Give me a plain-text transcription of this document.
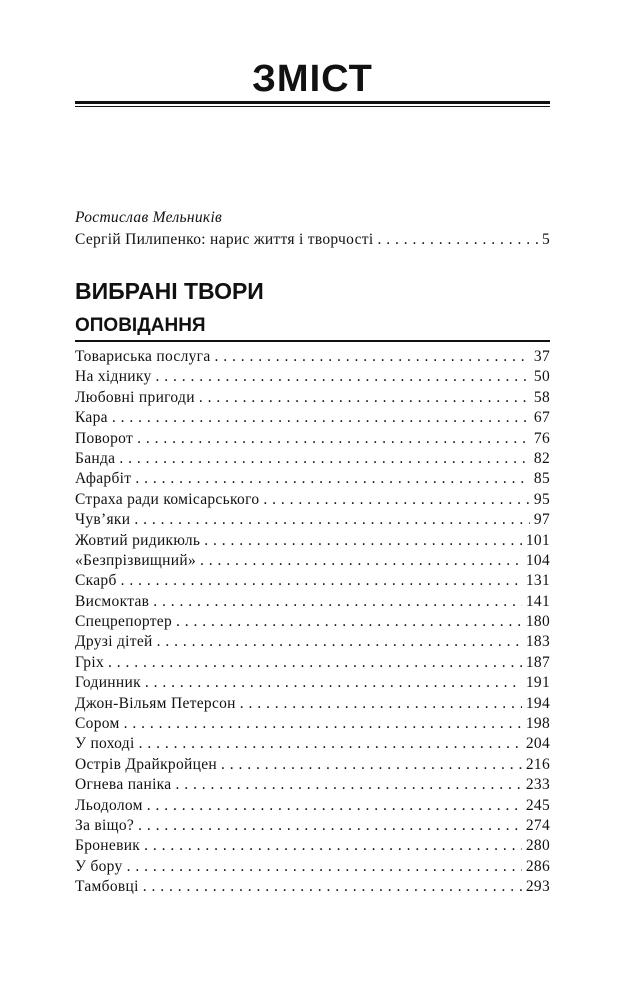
ЗМІСТ
Ростислав Мельників
Сергій Пилипенко: нарис життя і творчості . . .	5
ВИБРАНІ ТВОРИ
ОПОВІДАННЯ
Товариська послуга . . .	37
На хіднику . . .	50
Любовні пригоди . . .	58
Кара . . .	67
Поворот . . .	76
Банда . . .	82
Афарбіт . . .	85
Страха ради комісарського . . .	95
Чув’яки . . .	97
Жовтий ридикюль . . .	101
«Безпрізвищний» . . .	104
Скарб . . .	131
Висмоктав . . .	141
Спецрепортер . . .	180
Друзі дітей . . .	183
Гріх . . .	187
Годинник . . .	191
Джон-Вільям Петерсон . . .	194
Сором . . .	198
У поході . . .	204
Острів Драйкройцен . . .	216
Огнева паніка . . .	233
Льодолом . . .	245
За віщо? . . .	274
Броневик . . .	280
У бору . . .	286
Тамбовці . . .	293
